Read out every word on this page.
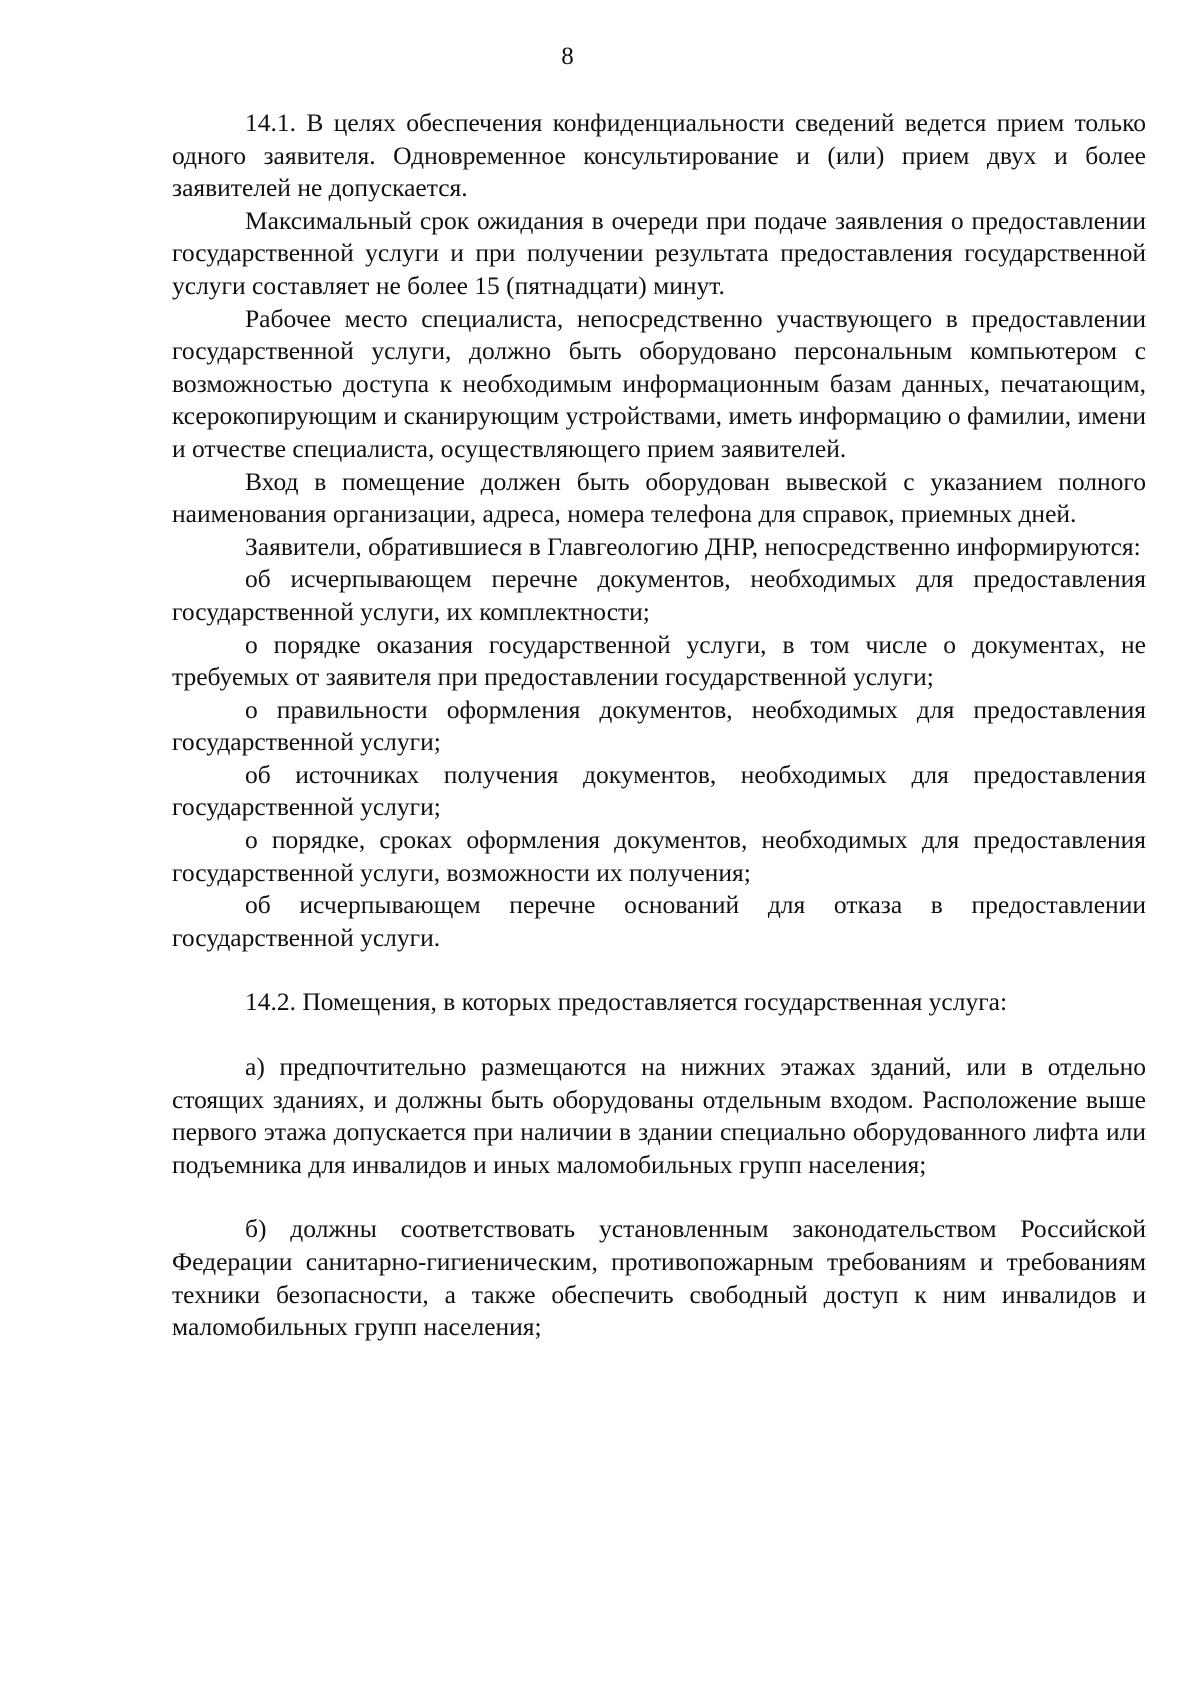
8

14.1. В целях обеспечения конфиденциальности сведений ведется прием только одного заявителя. Одновременное консультирование и (или) прием двух и более заявителей не допускается.

Максимальный срок ожидания в очереди при подаче заявления о предоставлении государственной услуги и при получении результата предоставления государственной услуги составляет не более 15 (пятнадцати) минут.

Рабочее место специалиста, непосредственно участвующего в предоставлении государственной услуги, должно быть оборудовано персональным компьютером с возможностью доступа к необходимым информационным базам данных, печатающим, ксерокопирующим и сканирующим устройствами, иметь информацию о фамилии, имени и отчестве специалиста, осуществляющего прием заявителей.

Вход в помещение должен быть оборудован вывеской с указанием полного наименования организации, адреса, номера телефона для справок, приемных дней.

Заявители, обратившиеся в Главгеологию ДНР, непосредственно информируются:

об исчерпывающем перечне документов, необходимых для предоставления государственной услуги, их комплектности;

о порядке оказания государственной услуги, в том числе о документах, не требуемых от заявителя при предоставлении государственной услуги;

о правильности оформления документов, необходимых для предоставления государственной услуги;

об источниках получения документов, необходимых для предоставления государственной услуги;

о порядке, сроках оформления документов, необходимых для предоставления государственной услуги, возможности их получения;

об исчерпывающем перечне оснований для отказа в предоставлении государственной услуги.

14.2. Помещения, в которых предоставляется государственная услуга:

а) предпочтительно размещаются на нижних этажах зданий, или в отдельно стоящих зданиях, и должны быть оборудованы отдельным входом. Расположение выше первого этажа допускается при наличии в здании специально оборудованного лифта или подъемника для инвалидов и иных маломобильных групп населения;

б) должны соответствовать установленным законодательством Российской Федерации санитарно-гигиеническим, противопожарным требованиям и требованиям техники безопасности, а также обеспечить свободный доступ к ним инвалидов и маломобильных групп населения;
